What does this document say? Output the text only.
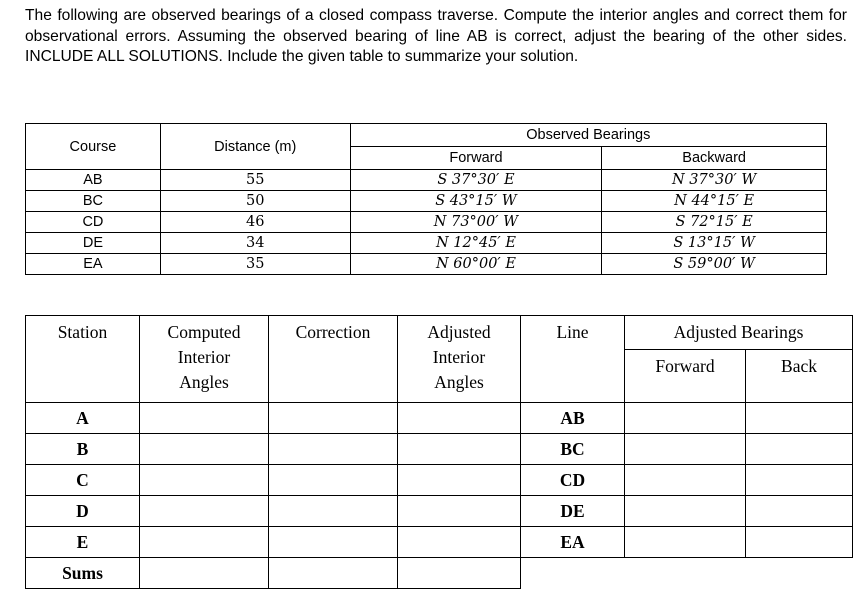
The following are observed bearings of a closed compass traverse. Compute the interior angles and correct them for observational errors. Assuming the observed bearing of line AB is correct, adjust the bearing of the other sides. INCLUDE ALL SOLUTIONS. Include the given table to summarize your solution.

Course	Distance (m)	Observed Bearings	
		Forward	Backward
AB	55	S 37°30′ E	N 37°30′ W
BC	50	S 43°15′ W	N 44°15′ E
CD	46	N 73°00′ W	S 72°15′ E
DE	34	N 12°45′ E	S 13°15′ W
EA	35	N 60°00′ E	S 59°00′ W
Station	Computed Interior Angles	Correction	Adjusted Interior Angles	Line	Adjusted Bearings	
					Forward	Back
A				AB		
B				BC		
C				CD		
D				DE		
E				EA		
Sums						
